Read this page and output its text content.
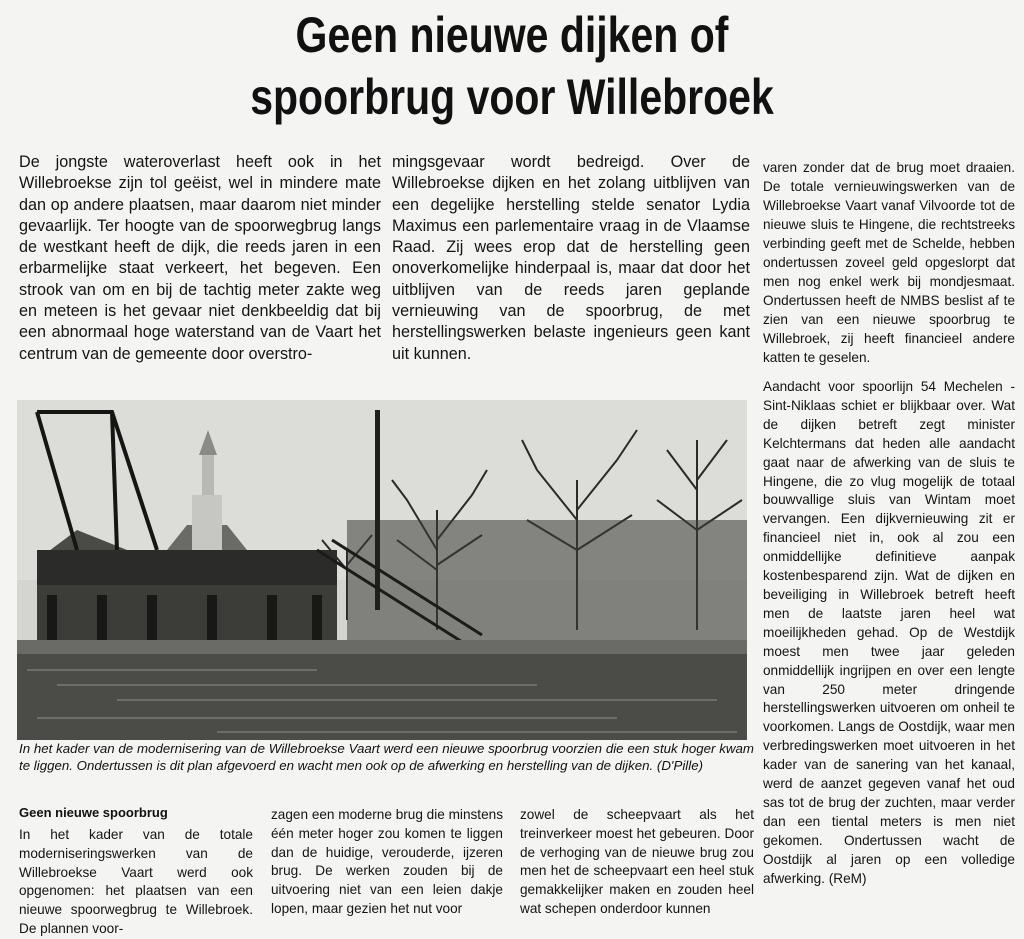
Geen nieuwe dijken of
spoorbrug voor Willebroek

De jongste wateroverlast heeft ook in het Willebroekse zijn tol geëist, wel in mindere mate dan op andere plaatsen, maar daarom niet minder gevaarlijk. Ter hoogte van de spoorwegbrug langs de westkant heeft de dijk, die reeds jaren in een erbarmelijke staat verkeert, het begeven. Een strook van om en bij de tachtig meter zakte weg en meteen is het gevaar niet denkbeeldig dat bij een abnormaal hoge waterstand van de Vaart het centrum van de gemeente door overstro-

mingsgevaar wordt bedreigd. Over de Willebroekse dijken en het zolang uitblijven van een degelijke herstelling stelde senator Lydia Maximus een parlementaire vraag in de Vlaamse Raad. Zij wees erop dat de herstelling geen onoverkomelijke hinderpaal is, maar dat door het uitblijven van de reeds jaren geplande vernieuwing van de spoorbrug, de met herstellingswerken belaste ingenieurs geen kant uit kunnen.

varen zonder dat de brug moet draaien. De totale vernieuwingswerken van de Willebroekse Vaart vanaf Vilvoorde tot de nieuwe sluis te Hingene, die rechtstreeks verbinding geeft met de Schelde, hebben ondertussen zoveel geld opgeslorpt dat men nog enkel werk bij mondjesmaat. Ondertussen heeft de NMBS beslist af te zien van een nieuwe spoorbrug te Willebroek, zij heeft financieel andere katten te geselen.

Aandacht voor spoorlijn 54 Mechelen - Sint-Niklaas schiet er blijkbaar over. Wat de dijken betreft zegt minister Kelchtermans dat heden alle aandacht gaat naar de afwerking van de sluis te Hingene, die zo vlug mogelijk de totaal bouwvallige sluis van Wintam moet vervangen. Een dijkvernieuwing zit er financieel niet in, ook al zou een onmiddellijke definitieve aanpak kostenbesparend zijn. Wat de dijken en beveiliging in Willebroek betreft heeft men de laatste jaren heel wat moeilijkheden gehad. Op de Westdijk moest men twee jaar geleden onmiddellijk ingrijpen en over een lengte van 250 meter dringende herstellingswerken uitvoeren om onheil te voorkomen. Langs de Oostdijk, waar men verbredingswerken moet uitvoeren in het kader van de sanering van het kanaal, werd de aanzet gegeven vanaf het oud sas tot de brug der zuchten, maar verder dan een tiental meters is men niet gekomen. Ondertussen wacht de Oostdijk al jaren op een volledige afwerking. (ReM)

In het kader van de modernisering van de Willebroekse Vaart werd een nieuwe spoorbrug voorzien die een stuk hoger kwam te liggen. Ondertussen is dit plan afgevoerd en wacht men ook op de afwerking en herstelling van de dijken. (D'Pille)
Geen nieuwe spoorbrug

In het kader van de totale moderniseringswerken van de Willebroekse Vaart werd ook opgenomen: het plaatsen van een nieuwe spoorwegbrug te Willebroek. De plannen voor-

zagen een moderne brug die minstens één meter hoger zou komen te liggen dan de huidige, verouderde, ijzeren brug. De werken zouden bij de uitvoering niet van een leien dakje lopen, maar gezien het nut voor

zowel de scheepvaart als het treinverkeer moest het gebeuren. Door de verhoging van de nieuwe brug zou men het de scheepvaart een heel stuk gemakkelijker maken en zouden heel wat schepen onderdoor kunnen
